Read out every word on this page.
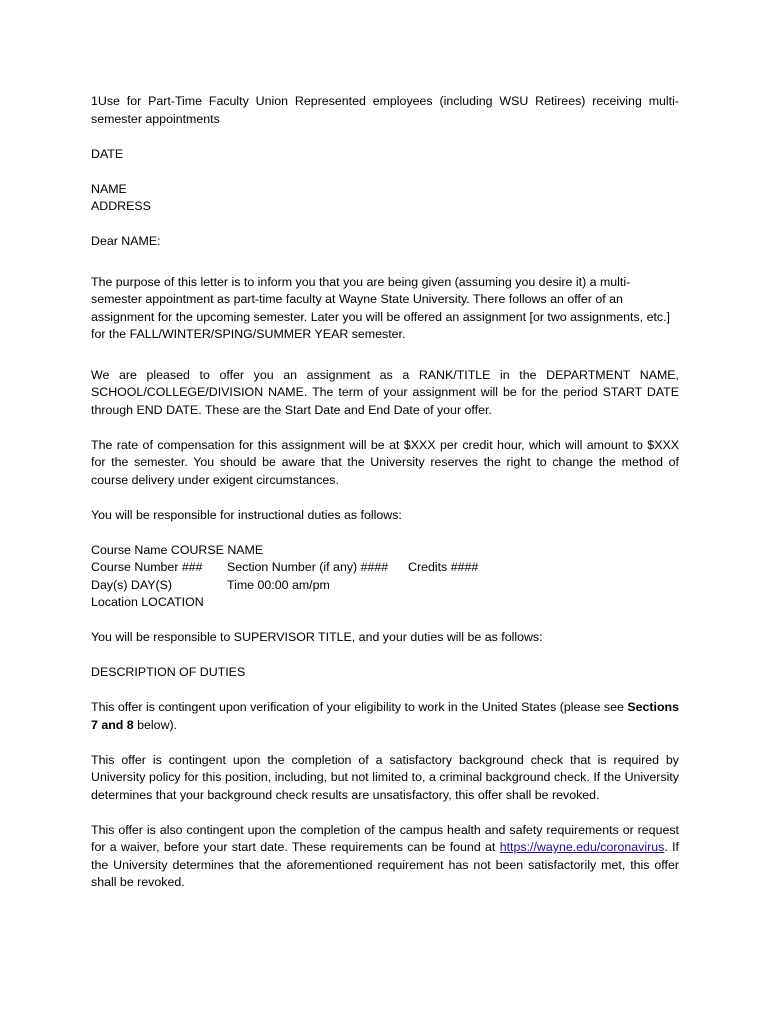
1Use for Part-Time Faculty Union Represented employees (including WSU Retirees) receiving multi-semester appointments

DATE

NAME

ADDRESS

Dear NAME:

The purpose of this letter is to inform you that you are being given (assuming you desire it) a multi-semester appointment as part-time faculty at Wayne State University. There follows an offer of an assignment for the upcoming semester. Later you will be offered an assignment [or two assignments, etc.] for the FALL/WINTER/SPING/SUMMER YEAR semester.

We are pleased to offer you an assignment as a RANK/TITLE in the DEPARTMENT NAME, SCHOOL/COLLEGE/DIVISION NAME. The term of your assignment will be for the period START DATE through END DATE. These are the Start Date and End Date of your offer.

The rate of compensation for this assignment will be at $XXX per credit hour, which will amount to $XXX for the semester. You should be aware that the University reserves the right to change the method of course delivery under exigent circumstances.

You will be responsible for instructional duties as follows:

Course Name COURSE NAME

Course Number ###	Section Number (if any) ####	Credits ####
Day(s) DAY(S)	Time 00:00 am/pm

Location LOCATION

You will be responsible to SUPERVISOR TITLE, and your duties will be as follows:

DESCRIPTION OF DUTIES

This offer is contingent upon verification of your eligibility to work in the United States (please see Sections 7 and 8 below).

This offer is contingent upon the completion of a satisfactory background check that is required by University policy for this position, including, but not limited to, a criminal background check. If the University determines that your background check results are unsatisfactory, this offer shall be revoked.

This offer is also contingent upon the completion of the campus health and safety requirements or request for a waiver, before your start date. These requirements can be found at https://wayne.edu/coronavirus. If the University determines that the aforementioned requirement has not been satisfactorily met, this offer shall be revoked.
